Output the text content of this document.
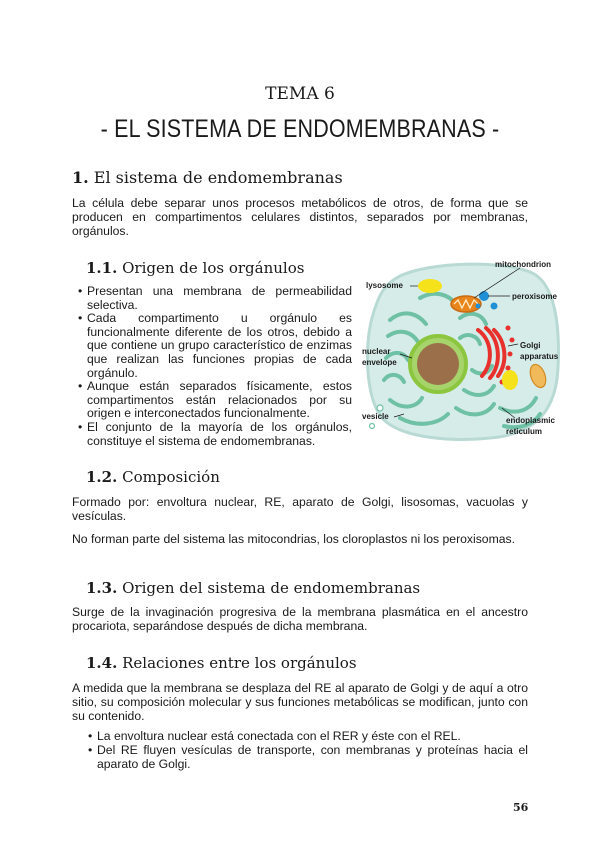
TEMA 6
- EL SISTEMA DE ENDOMEMBRANAS -
1. El sistema de endomembranas

La célula debe separar unos procesos metabólicos de otros, de forma que se producen en compartimentos celulares distintos, separados por membranas, orgánulos.

1.1. Origen de los orgánulos
• Presentan una membrana de permeabilidad selectiva.
• Cada compartimento u orgánulo es funcionalmente diferente de los otros, debido a que contiene un grupo característico de enzimas que realizan las funciones propias de cada orgánulo.
• Aunque están separados físicamente, estos compartimentos están relacionados por su origen e interconectados funcionalmente.
• El conjunto de la mayoría de los orgánulos, constituye el sistema de endomembranas.
lysosome
mitochondrion
peroxisome
nuclear
envelope
Golgi
apparatus
vesicle	endoplasmic
reticulum
1.2. Composición

Formado por: envoltura nuclear, RE, aparato de Golgi, lisosomas, vacuolas y vesículas.

No forman parte del sistema las mitocondrias, los cloroplastos ni los peroxisomas.

1.3. Origen del sistema de endomembranas

Surge de la invaginación progresiva de la membrana plasmática en el ancestro procariota, separándose después de dicha membrana.

1.4. Relaciones entre los orgánulos

A medida que la membrana se desplaza del RE al aparato de Golgi y de aquí a otro sitio, su composición molecular y sus funciones metabólicas se modifican, junto con su contenido.

• La envoltura nuclear está conectada con el RER y éste con el REL.
• Del RE fluyen vesículas de transporte, con membranas y proteínas hacia el aparato de Golgi.
56
